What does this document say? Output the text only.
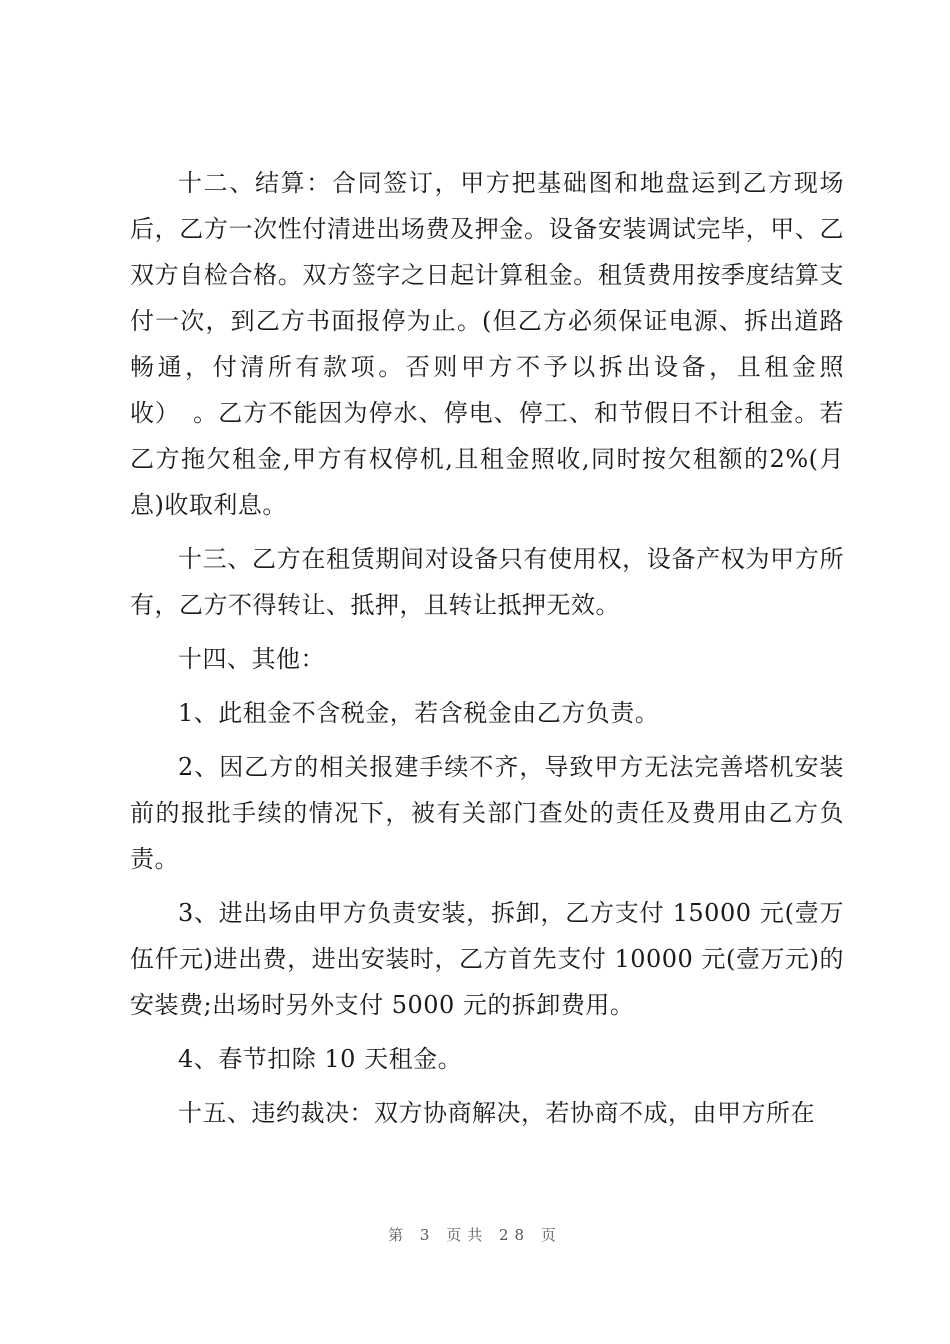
十二、结算：合同签订，甲方把基础图和地盘运到乙方现场后，乙方一次性付清进出场费及押金。设备安装调试完毕，甲、乙双方自检合格。双方签字之日起计算租金。租赁费用按季度结算支付一次，到乙方书面报停为止。(但乙方必须保证电源、拆出道路畅通，付清所有款项。否则甲方不予以拆出设备，且租金照收）　。乙方不能因为停水、停电、停工、和节假日不计租金。若乙方拖欠租金,甲方有权停机,且租金照收,同时按欠租额的2%(月息)收取利息。

十三、乙方在租赁期间对设备只有使用权，设备产权为甲方所有，乙方不得转让、抵押，且转让抵押无效。

十四、其他：

1、此租金不含税金，若含税金由乙方负责。

2、因乙方的相关报建手续不齐，导致甲方无法完善塔机安装前的报批手续的情况下，被有关部门查处的责任及费用由乙方负责。

3、进出场由甲方负责安装，拆卸，乙方支付 15000 元(壹万伍仟元)进出费，进出安装时，乙方首先支付 10000 元(壹万元)的安装费;出场时另外支付 5000 元的拆卸费用。

4、春节扣除 10 天租金。

十五、违约裁决：双方协商解决，若协商不成，由甲方所在

第 3 页共 28 页
